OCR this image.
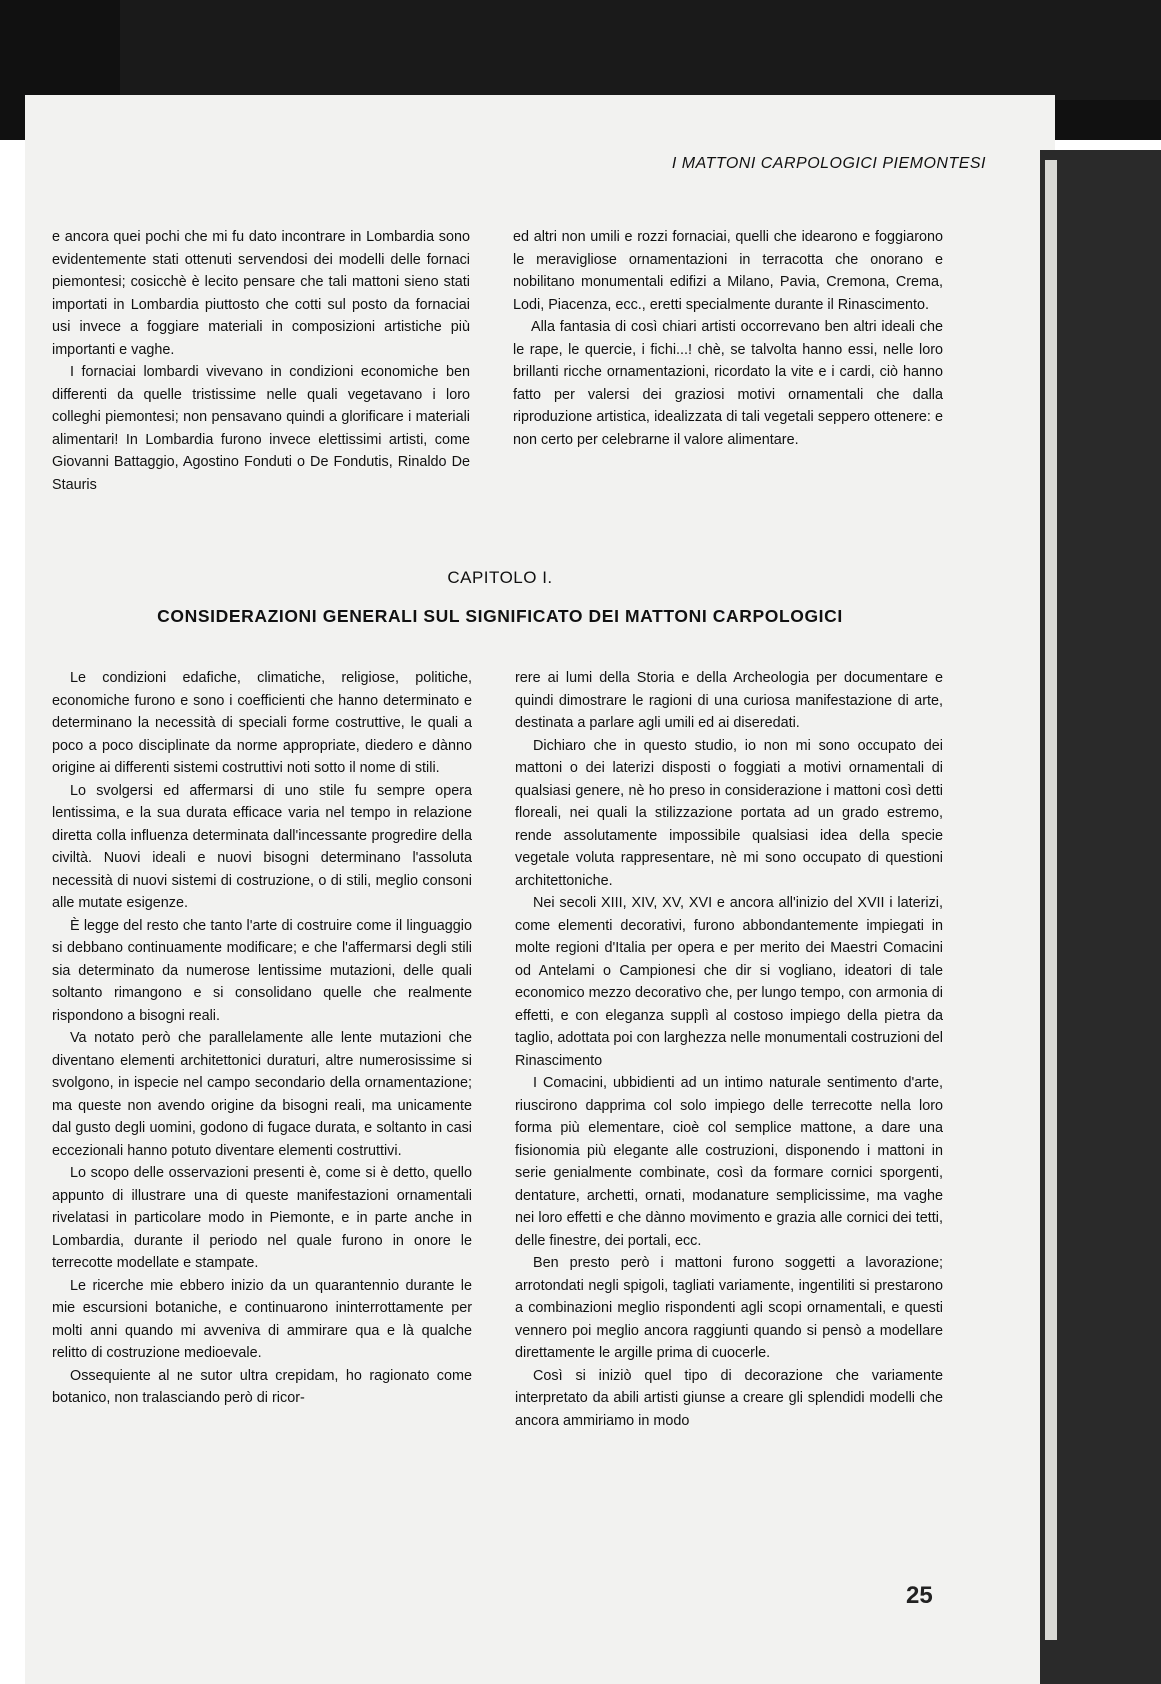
I MATTONI CARPOLOGICI PIEMONTESI

e ancora quei pochi che mi fu dato incontrare in Lombardia sono evidentemente stati ottenuti servendosi dei modelli delle fornaci piemontesi; cosicchè è lecito pensare che tali mattoni sieno stati importati in Lombardia piuttosto che cotti sul posto da fornaciai usi invece a foggiare materiali in composizioni artistiche più importanti e vaghe.

I fornaciai lombardi vivevano in condizioni economiche ben differenti da quelle tristissime nelle quali vegetavano i loro colleghi piemontesi; non pensavano quindi a glorificare i materiali alimentari! In Lombardia furono invece elettissimi artisti, come Giovanni Battaggio, Agostino Fonduti o De Fondutis, Rinaldo De Stauris

ed altri non umili e rozzi fornaciai, quelli che idearono e foggiarono le meravigliose ornamentazioni in terracotta che onorano e nobilitano monumentali edifizi a Milano, Pavia, Cremona, Crema, Lodi, Piacenza, ecc., eretti specialmente durante il Rinascimento.

Alla fantasia di così chiari artisti occorrevano ben altri ideali che le rape, le quercie, i fichi...! chè, se talvolta hanno essi, nelle loro brillanti ricche ornamentazioni, ricordato la vite e i cardi, ciò hanno fatto per valersi dei graziosi motivi ornamentali che dalla riproduzione artistica, idealizzata di tali vegetali seppero ottenere: e non certo per celebrarne il valore alimentare.

CAPITOLO I.
CONSIDERAZIONI GENERALI SUL SIGNIFICATO DEI MATTONI CARPOLOGICI

Le condizioni edafiche, climatiche, religiose, politiche, economiche furono e sono i coefficienti che hanno determinato e determinano la necessità di speciali forme costruttive, le quali a poco a poco disciplinate da norme appropriate, diedero e dànno origine ai differenti sistemi costruttivi noti sotto il nome di stili.

Lo svolgersi ed affermarsi di uno stile fu sempre opera lentissima, e la sua durata efficace varia nel tempo in relazione diretta colla influenza determinata dall'incessante progredire della civiltà. Nuovi ideali e nuovi bisogni determinano l'assoluta necessità di nuovi sistemi di costruzione, o di stili, meglio consoni alle mutate esigenze.

È legge del resto che tanto l'arte di costruire come il linguaggio si debbano continuamente modificare; e che l'affermarsi degli stili sia determinato da numerose lentissime mutazioni, delle quali soltanto rimangono e si consolidano quelle che realmente rispondono a bisogni reali.

Va notato però che parallelamente alle lente mutazioni che diventano elementi architettonici duraturi, altre numerosissime si svolgono, in ispecie nel campo secondario della ornamentazione; ma queste non avendo origine da bisogni reali, ma unicamente dal gusto degli uomini, godono di fugace durata, e soltanto in casi eccezionali hanno potuto diventare elementi costruttivi.

Lo scopo delle osservazioni presenti è, come si è detto, quello appunto di illustrare una di queste manifestazioni ornamentali rivelatasi in particolare modo in Piemonte, e in parte anche in Lombardia, durante il periodo nel quale furono in onore le terrecotte modellate e stampate.

Le ricerche mie ebbero inizio da un quarantennio durante le mie escursioni botaniche, e continuarono ininterrottamente per molti anni quando mi avveniva di ammirare qua e là qualche relitto di costruzione medioevale.

Ossequiente al ne sutor ultra crepidam, ho ragionato come botanico, non tralasciando però di ricor-

rere ai lumi della Storia e della Archeologia per documentare e quindi dimostrare le ragioni di una curiosa manifestazione di arte, destinata a parlare agli umili ed ai diseredati.

Dichiaro che in questo studio, io non mi sono occupato dei mattoni o dei laterizi disposti o foggiati a motivi ornamentali di qualsiasi genere, nè ho preso in considerazione i mattoni così detti floreali, nei quali la stilizzazione portata ad un grado estremo, rende assolutamente impossibile qualsiasi idea della specie vegetale voluta rappresentare, nè mi sono occupato di questioni architettoniche.

Nei secoli XIII, XIV, XV, XVI e ancora all'inizio del XVII i laterizi, come elementi decorativi, furono abbondantemente impiegati in molte regioni d'Italia per opera e per merito dei Maestri Comacini od Antelami o Campionesi che dir si vogliano, ideatori di tale economico mezzo decorativo che, per lungo tempo, con armonia di effetti, e con eleganza supplì al costoso impiego della pietra da taglio, adottata poi con larghezza nelle monumentali costruzioni del Rinascimento

I Comacini, ubbidienti ad un intimo naturale sentimento d'arte, riuscirono dapprima col solo impiego delle terrecotte nella loro forma più elementare, cioè col semplice mattone, a dare una fisionomia più elegante alle costruzioni, disponendo i mattoni in serie genialmente combinate, così da formare cornici sporgenti, dentature, archetti, ornati, modanature semplicissime, ma vaghe nei loro effetti e che dànno movimento e grazia alle cornici dei tetti, delle finestre, dei portali, ecc.

Ben presto però i mattoni furono soggetti a lavorazione; arrotondati negli spigoli, tagliati variamente, ingentiliti si prestarono a combinazioni meglio rispondenti agli scopi ornamentali, e questi vennero poi meglio ancora raggiunti quando si pensò a modellare direttamente le argille prima di cuocerle.

Così si iniziò quel tipo di decorazione che variamente interpretato da abili artisti giunse a creare gli splendidi modelli che ancora ammiriamo in modo

25
